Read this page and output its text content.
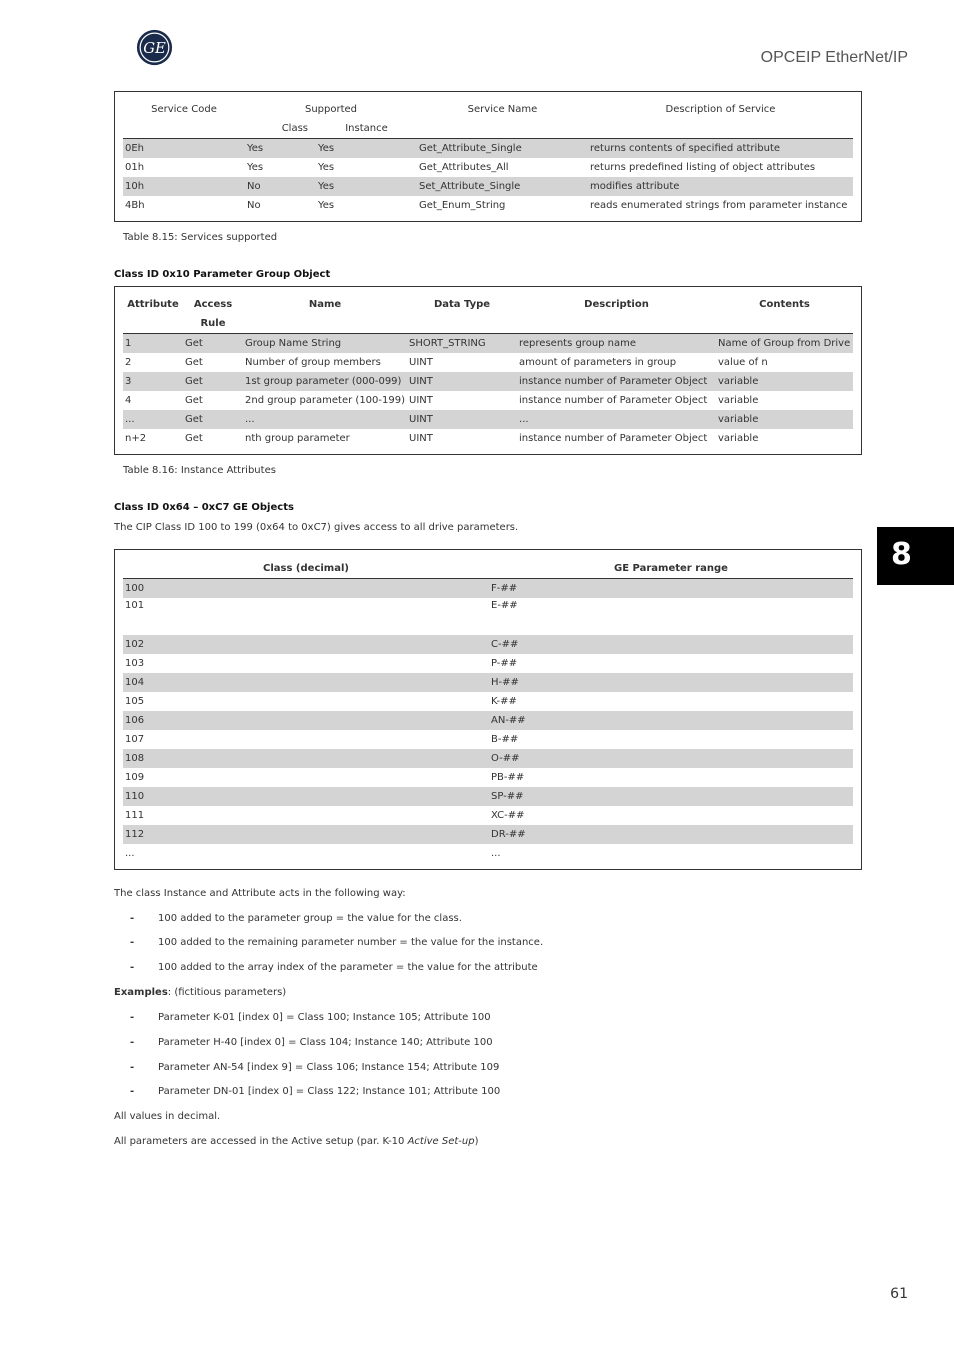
GE
OPCEIP EtherNet/IP
Service Code	Supported		Service Name	Description of Service
	Class	Instance		
0Eh	Yes	Yes	Get_Attribute_Single	returns contents of specified attribute
01h	Yes	Yes	Get_Attributes_All	returns predefined listing of object attributes
10h	No	Yes	Set_Attribute_Single	modifies attribute
4Bh	No	Yes	Get_Enum_String	reads enumerated strings from parameter instance
Table 8.15: Services supported
Class ID 0x10 Parameter Group Object
Attribute	Access	Name	Data Type	Description	Contents
	Rule				
1	Get	Group Name String	SHORT_STRING	represents group name	Name of Group from Drive
2	Get	Number of group members	UINT	amount of parameters in group	value of n
3	Get	1st group parameter (000-099)	UINT	instance number of Parameter Object	variable
4	Get	2nd group parameter (100-199)	UINT	instance number of Parameter Object	variable
...	Get	...	UINT	...	variable
n+2	Get	nth group parameter	UINT	instance number of Parameter Object	variable
Table 8.16: Instance Attributes
Class ID 0x64 – 0xC7 GE Objects
The CIP Class ID 100 to 199 (0x64 to 0xC7) gives access to all drive parameters.
Class (decimal)	GE Parameter range
100	F-##
101	E-##
102	C-##
103	P-##
104	H-##
105	K-##
106	AN-##
107	B-##
108	O-##
109	PB-##
110	SP-##
111	XC-##
112	DR-##
...	...
The class Instance and Attribute acts in the following way:
- 100 added to the parameter group = the value for the class.
- 100 added to the remaining parameter number = the value for the instance.
- 100 added to the array index of the parameter = the value for the attribute
Examples: (fictitious parameters)
- Parameter K-01 [index 0] = Class 100; Instance 105; Attribute 100
- Parameter H-40 [index 0] = Class 104; Instance 140; Attribute 100
- Parameter AN-54 [index 9] = Class 106; Instance 154; Attribute 109
- Parameter DN-01 [index 0] = Class 122; Instance 101; Attribute 100
All values in decimal.
All parameters are accessed in the Active setup (par. K-10 Active Set-up)
8
61
